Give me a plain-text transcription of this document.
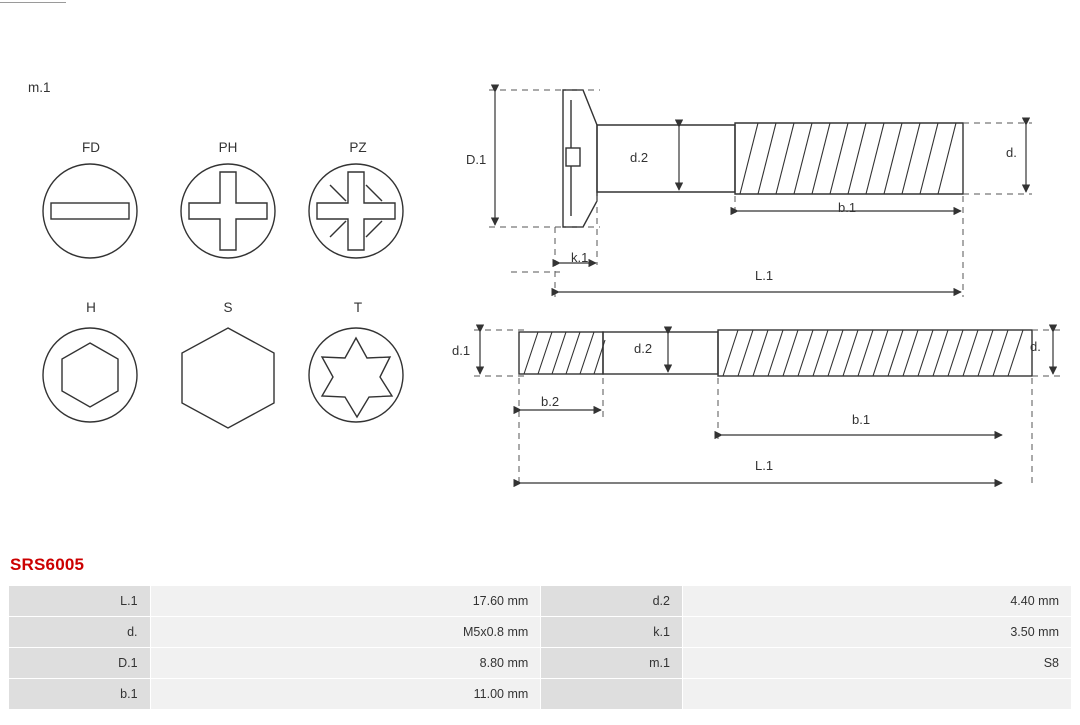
m.1
FD	PH	PZ
H	S	T
D.1	d.2	d.
b.1
k.1
L.1
d.1	d.2	d.
b.2
b.1
L.1
SRS6005
L.1	17.60 mm	d.2	4.40 mm
d.	M5x0.8 mm	k.1	3.50 mm
D.1	8.80 mm	m.1	S8
b.1	11.00 mm		
